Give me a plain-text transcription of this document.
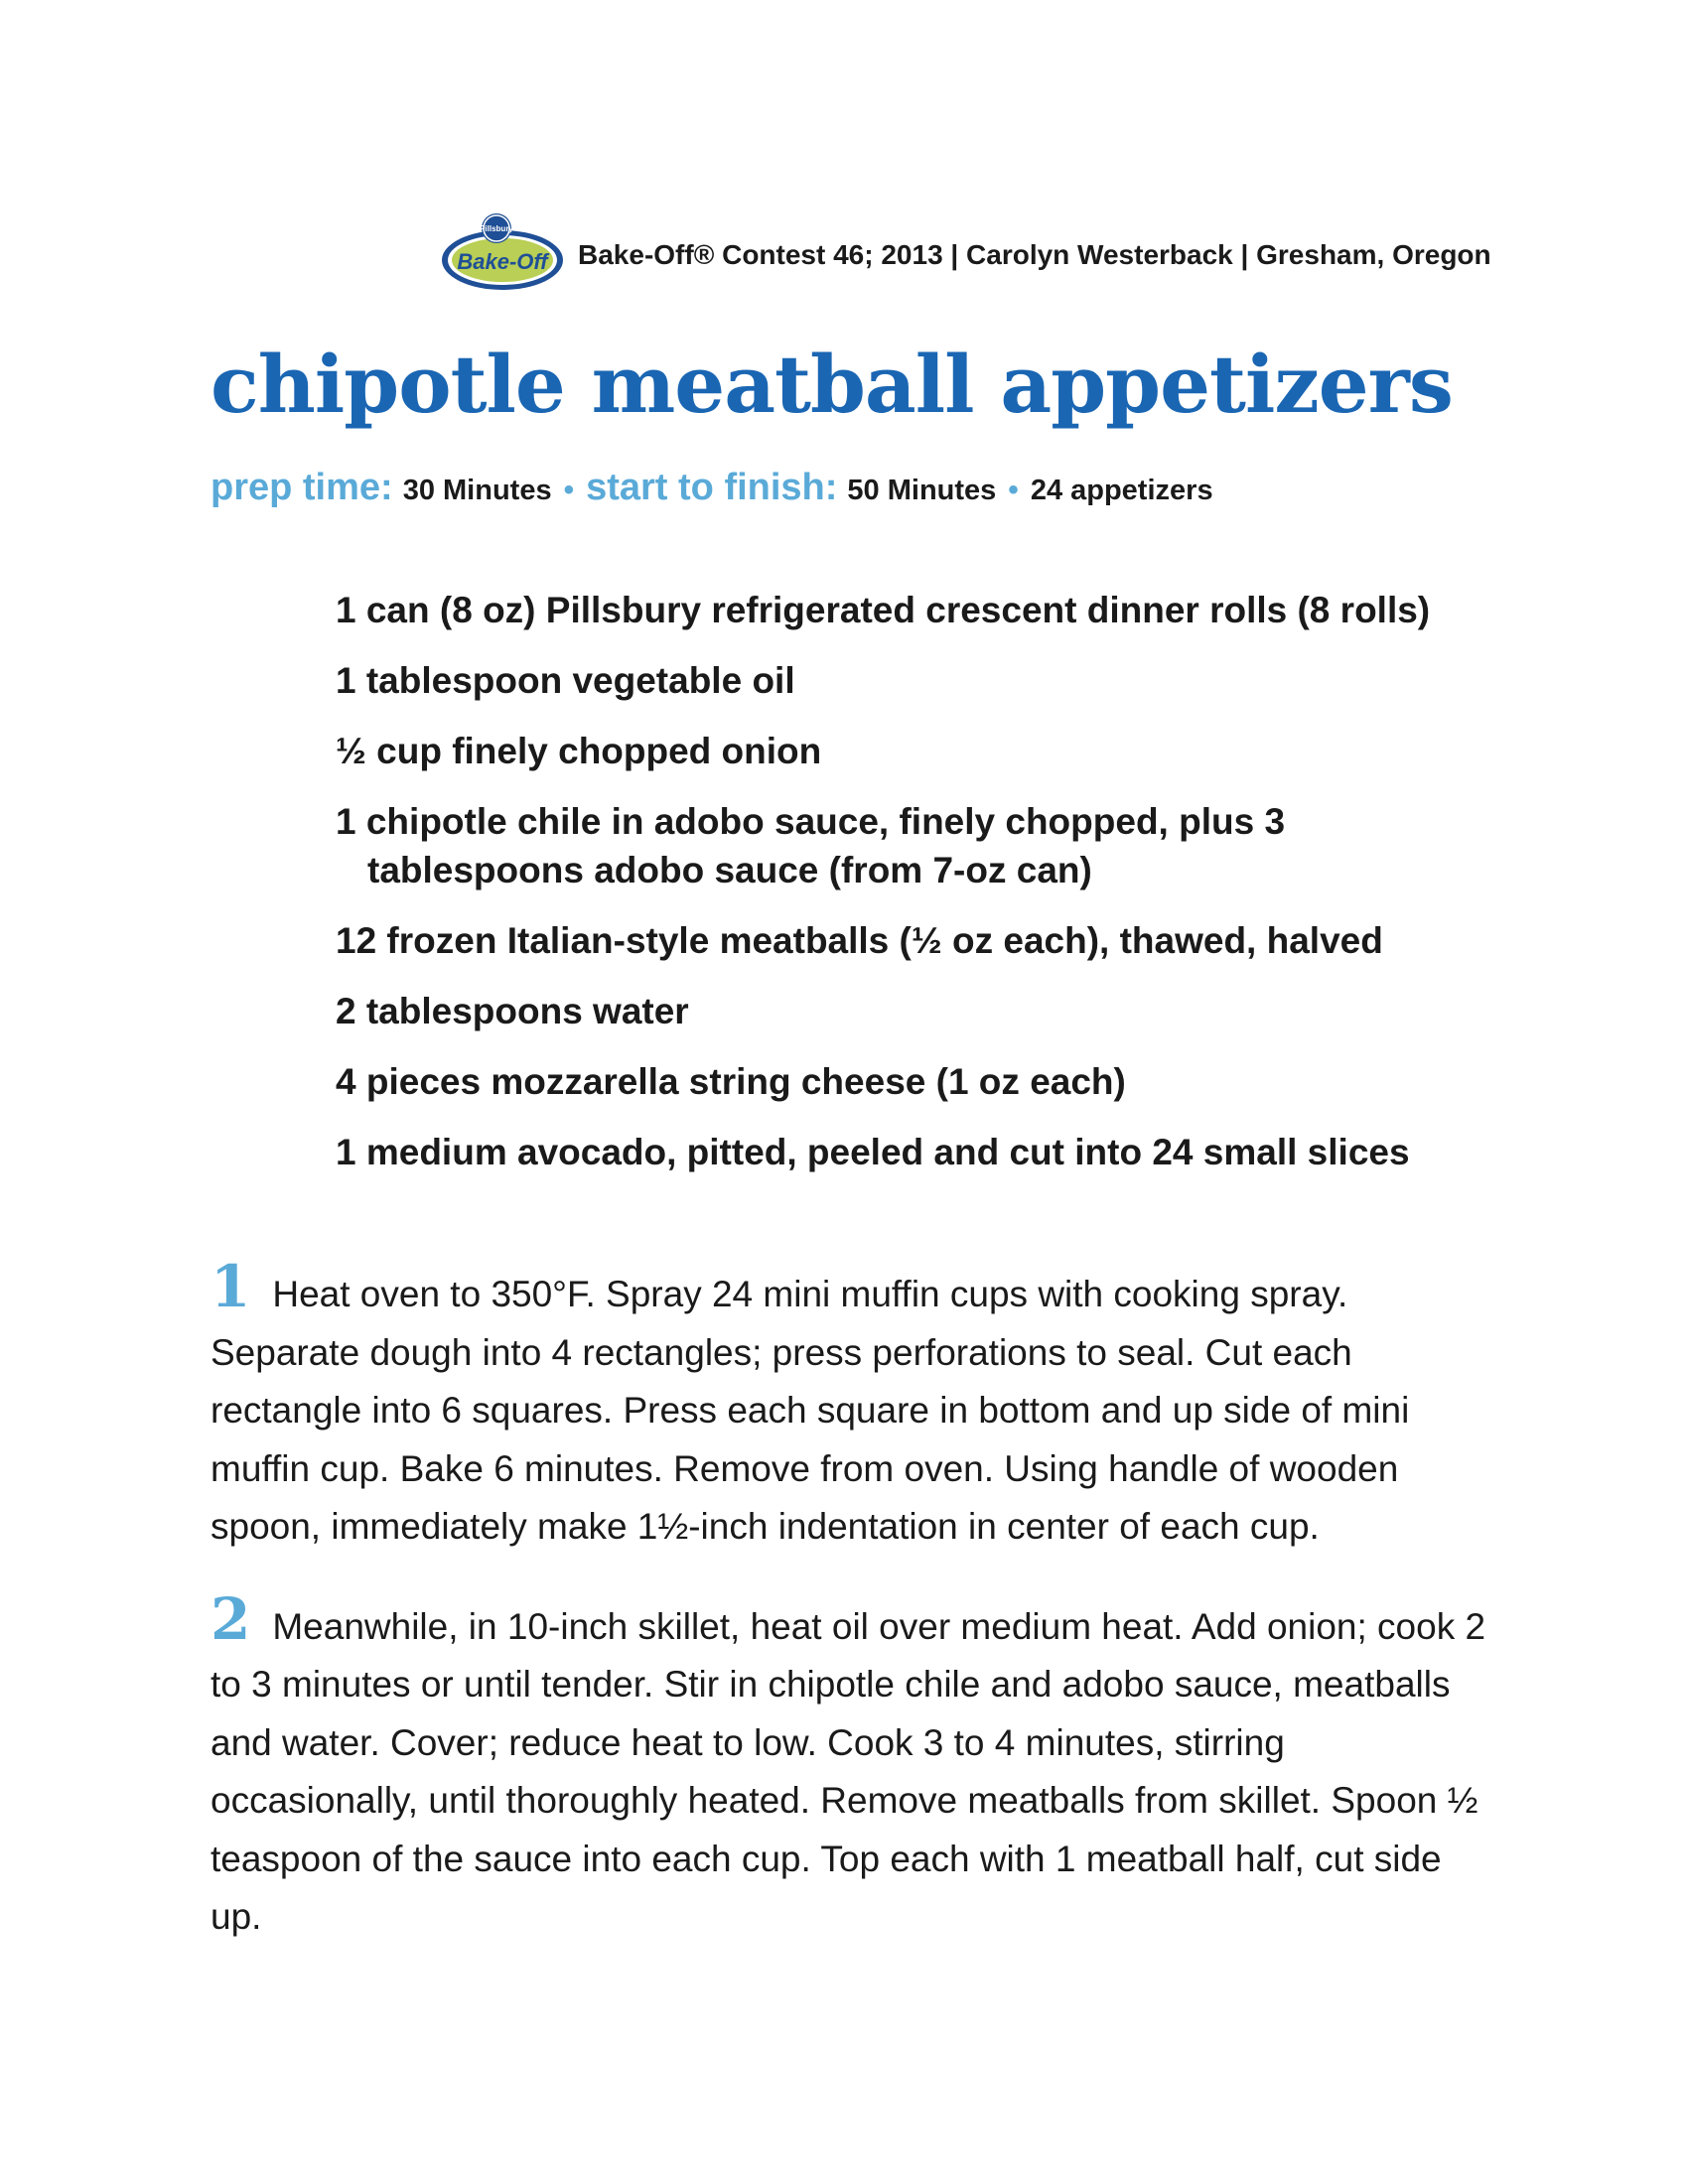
Pillsbury
Bake-Off Bake-Off® Contest 46; 2013 | Carolyn Westerback | Gresham, Oregon
chipotle meatball appetizers
prep time: 30 Minutes • start to finish: 50 Minutes • 24 appetizers
1 can (8 oz) Pillsbury refrigerated crescent dinner rolls (8 rolls)
1 tablespoon vegetable oil
½ cup finely chopped onion
1 chipotle chile in adobo sauce, finely chopped, plus 3 tablespoons adobo sauce (from 7-oz can)
12 frozen Italian-style meatballs (½ oz each), thawed, halved
2 tablespoons water
4 pieces mozzarella string cheese (1 oz each)
1 medium avocado, pitted, peeled and cut into 24 small slices

1 Heat oven to 350°F. Spray 24 mini muffin cups with cooking spray. Separate dough into 4 rectangles; press perforations to seal. Cut each rectangle into 6 squares. Press each square in bottom and up side of mini muffin cup. Bake 6 minutes. Remove from oven. Using handle of wooden spoon, immediately make 1½-inch indentation in center of each cup.

2 Meanwhile, in 10-inch skillet, heat oil over medium heat. Add onion; cook 2 to 3 minutes or until tender. Stir in chipotle chile and adobo sauce, meatballs and water. Cover; reduce heat to low. Cook 3 to 4 minutes, stirring occasionally, until thoroughly heated. Remove meatballs from skillet. Spoon ½ teaspoon of the sauce into each cup. Top each with 1 meatball half, cut side up.
